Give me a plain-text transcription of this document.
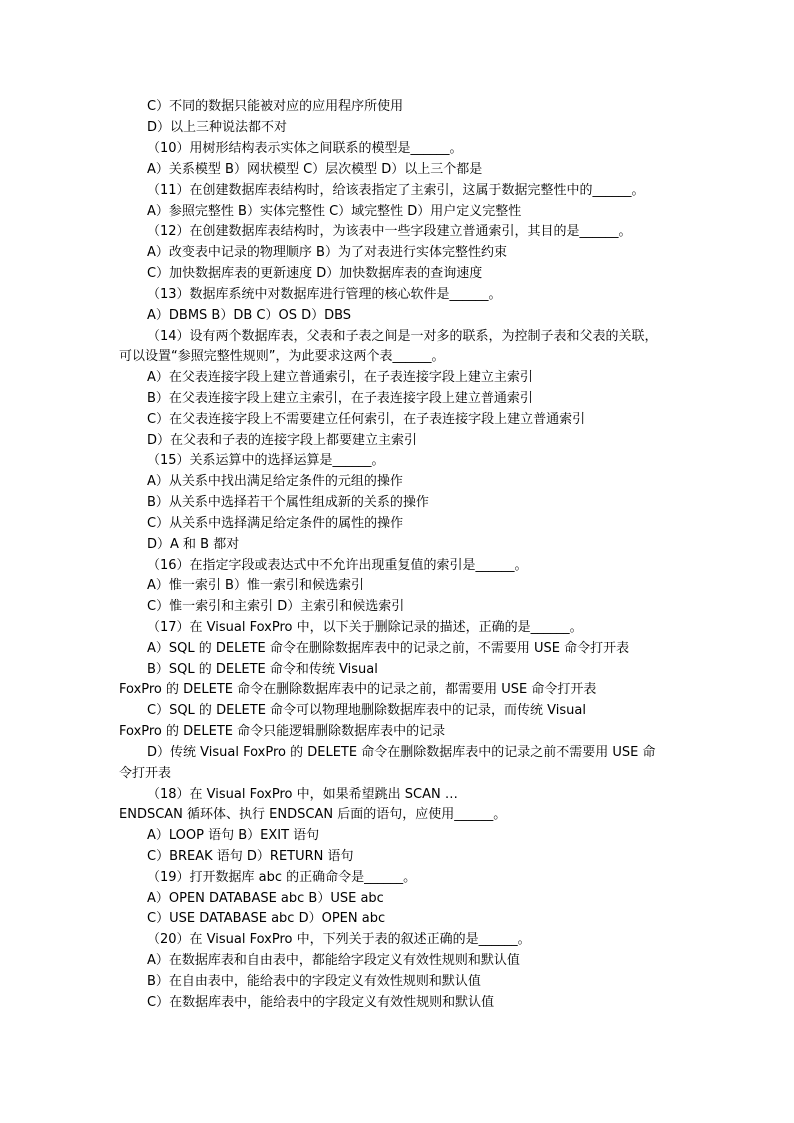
C）不同的数据只能被对应的应用程序所使用
D）以上三种说法都不对
（10）用树形结构表示实体之间联系的模型是______。
A）关系模型 B）网状模型 C）层次模型 D）以上三个都是
（11）在创建数据库表结构时，给该表指定了主索引，这属于数据完整性中的______。
A）参照完整性 B）实体完整性 C）域完整性 D）用户定义完整性
（12）在创建数据库表结构时，为该表中一些字段建立普通索引，其目的是______。
A）改变表中记录的物理顺序 B）为了对表进行实体完整性约束
C）加快数据库表的更新速度 D）加快数据库表的查询速度
（13）数据库系统中对数据库进行管理的核心软件是______。
A）DBMS B）DB C）OS D）DBS
（14）设有两个数据库表，父表和子表之间是一对多的联系，为控制子表和父表的关联，
可以设置“参照完整性规则”，为此要求这两个表______。
A）在父表连接字段上建立普通索引，在子表连接字段上建立主索引
B）在父表连接字段上建立主索引，在子表连接字段上建立普通索引
C）在父表连接字段上不需要建立任何索引，在子表连接字段上建立普通索引
D）在父表和子表的连接字段上都要建立主索引
（15）关系运算中的选择运算是______。
A）从关系中找出满足给定条件的元组的操作
B）从关系中选择若干个属性组成新的关系的操作
C）从关系中选择满足给定条件的属性的操作
D）A 和 B 都对
（16）在指定字段或表达式中不允许出现重复值的索引是______。
A）惟一索引 B）惟一索引和候选索引
C）惟一索引和主索引 D）主索引和候选索引
（17）在 Visual FoxPro 中，以下关于删除记录的描述，正确的是______。
A）SQL 的 DELETE 命令在删除数据库表中的记录之前，不需要用 USE 命令打开表
B）SQL 的 DELETE 命令和传统 Visual
FoxPro 的 DELETE 命令在删除数据库表中的记录之前，都需要用 USE 命令打开表
C）SQL 的 DELETE 命令可以物理地删除数据库表中的记录，而传统 Visual
FoxPro 的 DELETE 命令只能逻辑删除数据库表中的记录
D）传统 Visual FoxPro 的 DELETE 命令在删除数据库表中的记录之前不需要用 USE 命
令打开表
（18）在 Visual FoxPro 中，如果希望跳出 SCAN …
ENDSCAN 循环体、执行 ENDSCAN 后面的语句，应使用______。
A）LOOP 语句 B）EXIT 语句
C）BREAK 语句 D）RETURN 语句
（19）打开数据库 abc 的正确命令是______。
A）OPEN DATABASE abc B）USE abc
C）USE DATABASE abc D）OPEN abc
（20）在 Visual FoxPro 中，下列关于表的叙述正确的是______。
A）在数据库表和自由表中，都能给字段定义有效性规则和默认值
B）在自由表中，能给表中的字段定义有效性规则和默认值
C）在数据库表中，能给表中的字段定义有效性规则和默认值
